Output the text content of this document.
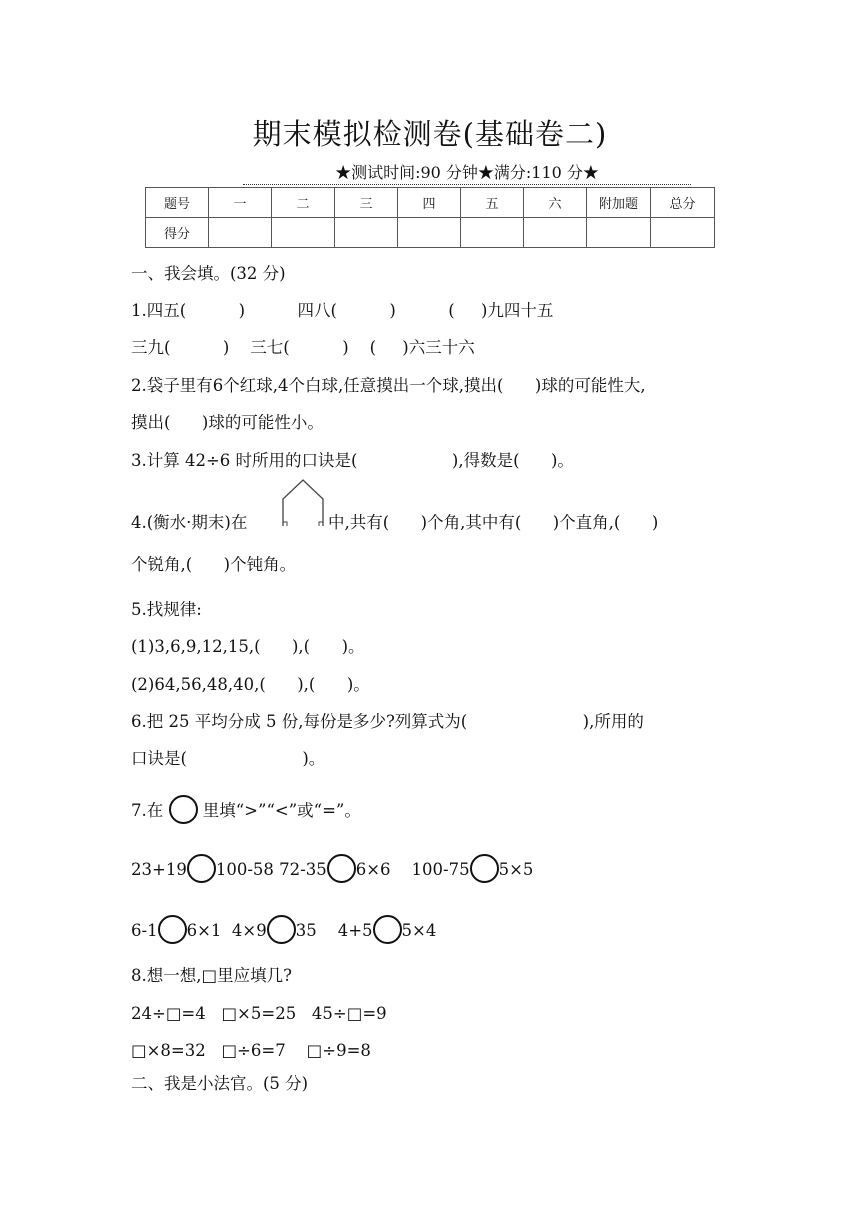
期末模拟检测卷(基础卷二)
★测试时间:90 分钟★满分:110 分★
题号	一	二	三	四	五	六	附加题	总分
得分								
一、我会填。(32 分)
1.四五(          )          四八(          )          (     )九四十五
三九(          )    三七(          )    (     )六三十六
2.袋子里有6个红球,4个白球,任意摸出一个球,摸出(      )球的可能性大,
摸出(      )球的可能性小。
3.计算 42÷6 时所用的口诀是(                  ),得数是(      )。
4.(衡水·期末)在	中,共有(      )个角,其中有(      )个直角,(      )
个锐角,(      )个钝角。
5.找规律:
(1)3,6,9,12,15,(      ),(      )。
(2)64,56,48,40,(      ),(      )。
6.把 25 平均分成 5 份,每份是多少?列算式为(                      ),所用的
口诀是(                      )。
7.在 里填“>”“<”或“=”。
23+19 100-58 72-35 6×6    100-75 5×5
6-1 6×1  4×9 35    4+5 5×4
8.想一想,□里应填几?
24÷□=4   □×5=25   45÷□=9
□×8=32   □÷6=7    □÷9=8
二、我是小法官。(5 分)
